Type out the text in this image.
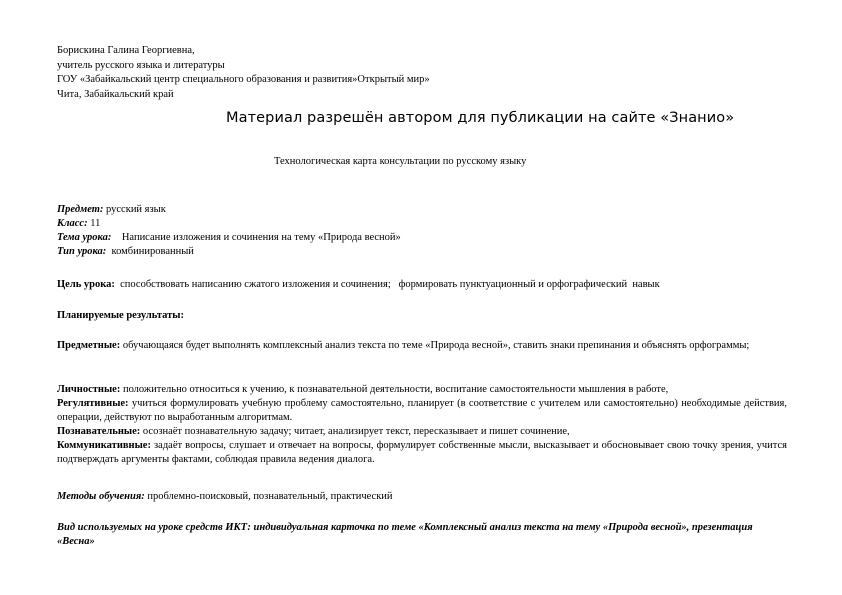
Борискина Галина Георгиевна,
учитель русского языка и литературы
ГОУ «Забайкальский центр специального образования и развития»Открытый мир»
Чита, Забайкальский край
Материал разрешён автором для публикации на сайте «Знанио»
Технологическая карта консультации по русскому языку
Предмет: русский язык
Класс: 11
Тема урока:    Написание изложения и сочинения на тему «Природа весной»
Тип урока:  комбинированный
Цель урока:  способствовать написанию сжатого изложения и сочинения;   формировать пунктуационный и орфографический  навык
Планируемые результаты:
Предметные: обучающаяся будет выполнять комплексный анализ текста по теме «Природа весной», ставить знаки препинания и объяснять орфограммы;
Личностные: положительно относиться к учению, к познавательной деятельности, воспитание самостоятельности мышления в работе,
Регулятивные: учиться формулировать учебную проблему самостоятельно, планирует (в соответствие с учителем или самостоятельно) необходимые действия, операции, действуют по выработанным алгоритмам.
Познавательные: осознаёт познавательную задачу; читает, анализирует текст, пересказывает и пишет сочинение,
Коммуникативные: задаёт вопросы, слушает и отвечает на вопросы, формулирует собственные мысли, высказывает и обосновывает свою точку зрения, учится подтверждать аргументы фактами, соблюдая правила ведения диалога.
Методы обучения: проблемно-поисковый, познавательный, практический
Вид используемых на уроке средств ИКТ: индивидуальная карточка по теме «Комплексный анализ текста на тему «Природа весной», презентация «Весна»
